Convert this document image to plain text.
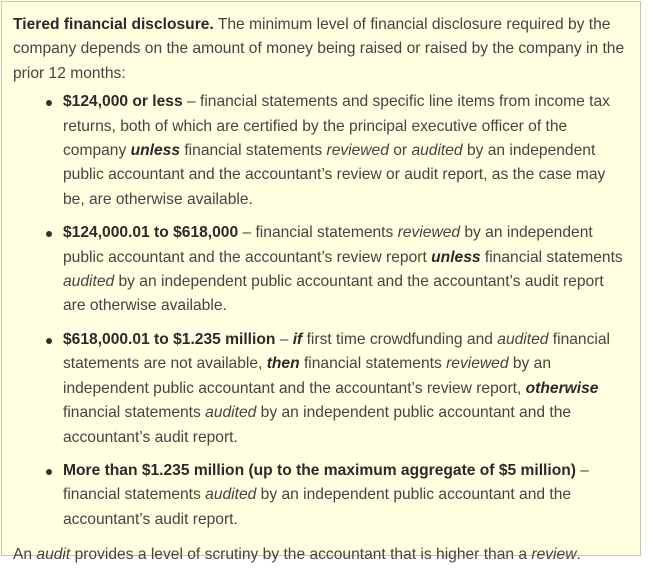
Tiered financial disclosure. The minimum level of financial disclosure required by the company depends on the amount of money being raised or raised by the company in the prior 12 months:

$124,000 or less – financial statements and specific line items from income tax returns, both of which are certified by the principal executive officer of the company unless financial statements reviewed or audited by an independent public accountant and the accountant’s review or audit report, as the case may be, are otherwise available.
$124,000.01 to $618,000 – financial statements reviewed by an independent public accountant and the accountant’s review report unless financial statements audited by an independent public accountant and the accountant’s audit report are otherwise available.
$618,000.01 to $1.235 million – if first time crowdfunding and audited financial statements are not available, then financial statements reviewed by an independent public accountant and the accountant’s review report, otherwise financial statements audited by an independent public accountant and the accountant’s audit report.
More than $1.235 million (up to the maximum aggregate of $5 million) – financial statements audited by an independent public accountant and the accountant’s audit report.

An audit provides a level of scrutiny by the accountant that is higher than a review.
